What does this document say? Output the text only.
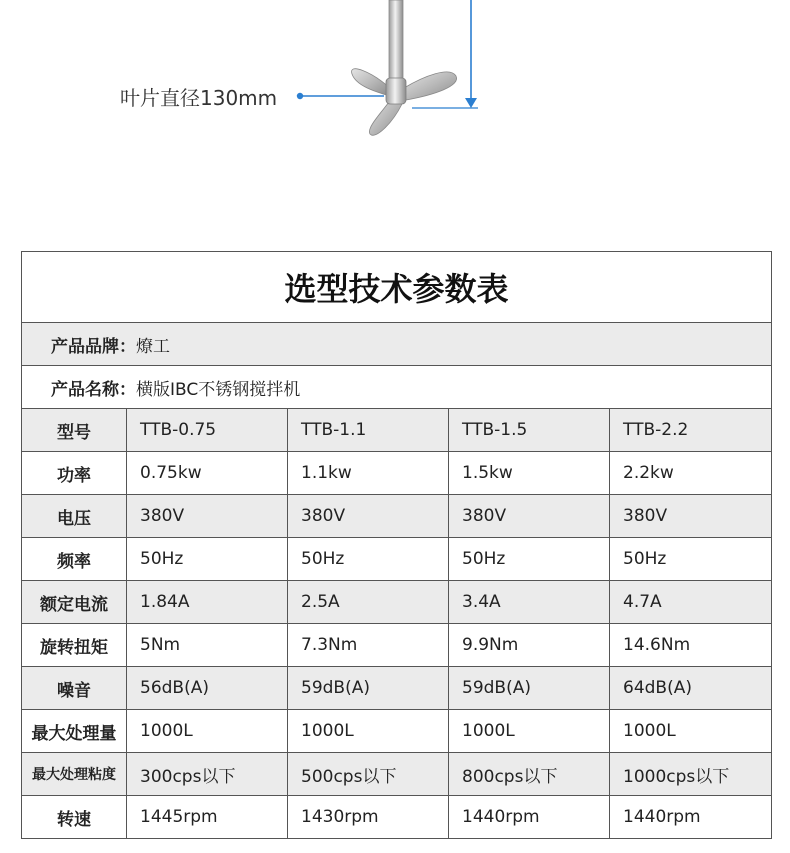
叶片直径130mm
选型技术参数表				
产品品牌：燎工				
产品名称：横版IBC不锈钢搅拌机				
型号	TTB-0.75	TTB-1.1	TTB-1.5	TTB-2.2
功率	0.75kw	1.1kw	1.5kw	2.2kw
电压	380V	380V	380V	380V
频率	50Hz	50Hz	50Hz	50Hz
额定电流	1.84A	2.5A	3.4A	4.7A
旋转扭矩	5Nm	7.3Nm	9.9Nm	14.6Nm
噪音	56dB(A)	59dB(A)	59dB(A)	64dB(A)
最大处理量	1000L	1000L	1000L	1000L
最大处理粘度	300cps以下	500cps以下	800cps以下	1000cps以下
转速	1445rpm	1430rpm	1440rpm	1440rpm
